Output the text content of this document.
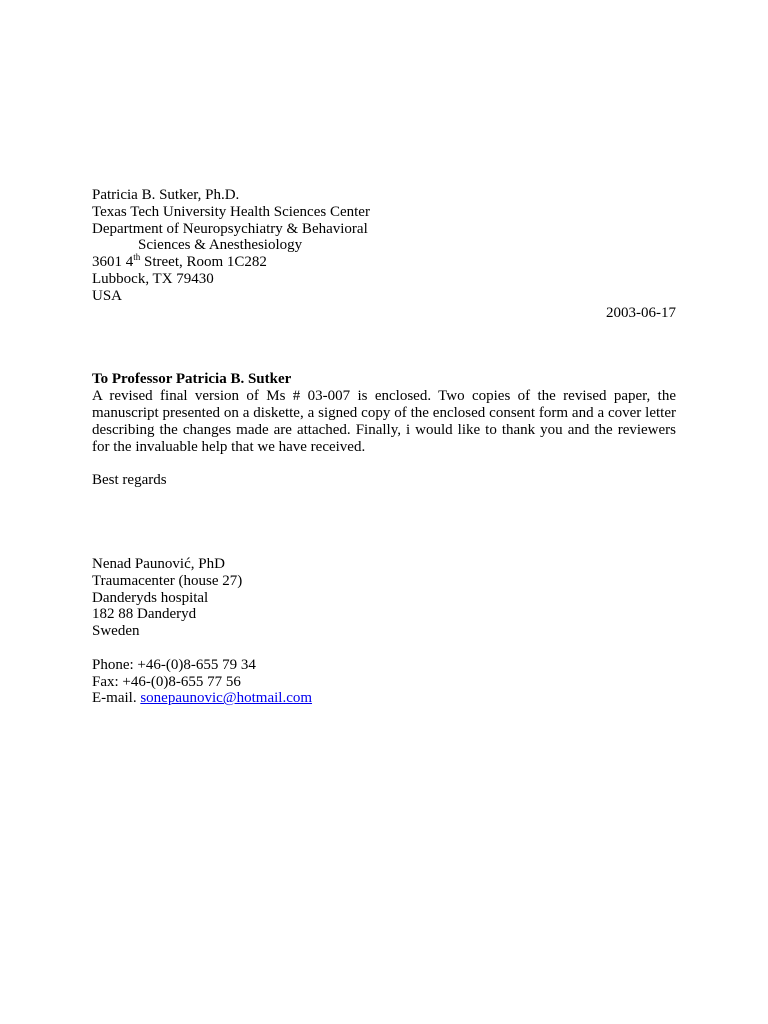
Patricia B. Sutker, Ph.D.
Texas Tech University Health Sciences Center
Department of Neuropsychiatry & Behavioral
Sciences & Anesthesiology
3601 4th Street, Room 1C282
Lubbock, TX 79430
USA
2003-06-17
To Professor Patricia B. Sutker

A revised final version of Ms # 03-007 is enclosed. Two copies of the revised paper, the manuscript presented on a diskette, a signed copy of the enclosed consent form and a cover letter describing the changes made are attached. Finally, i would like to thank you and the reviewers for the invaluable help that we have received.

Best regards
Nenad Paunović, PhD
Traumacenter (house 27)
Danderyds hospital
182 88 Danderyd
Sweden
Phone: +46-(0)8-655 79 34
Fax: +46-(0)8-655 77 56
E-mail. sonepaunovic@hotmail.com
